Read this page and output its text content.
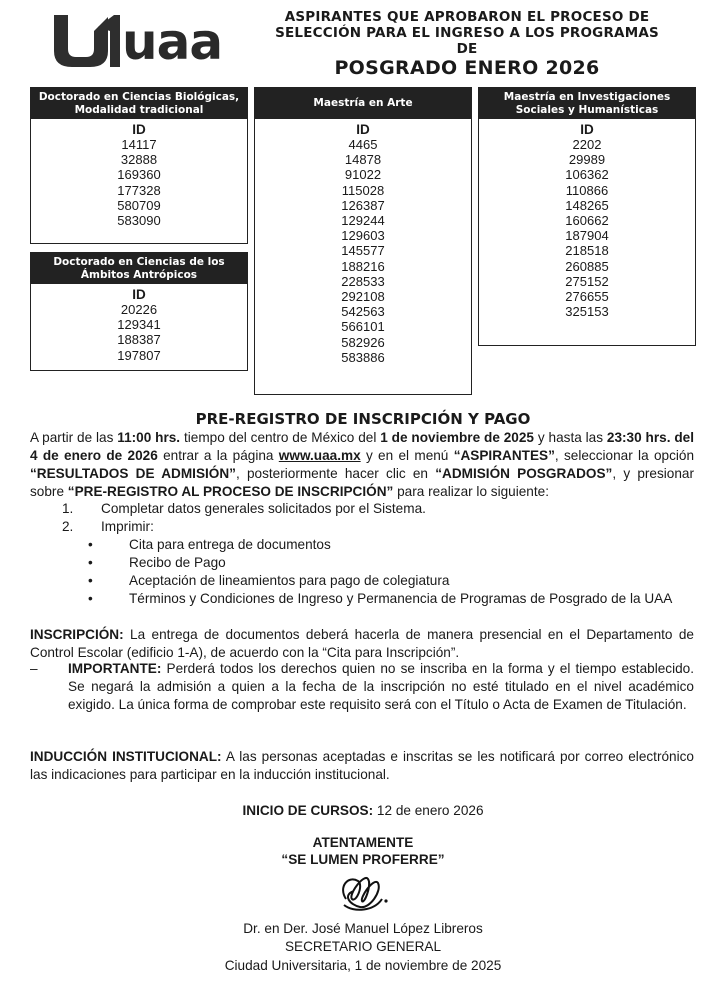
uaa	ASPIRANTES QUE APROBARON EL PROCESO DE
SELECCIÓN PARA EL INGRESO A LOS PROGRAMAS DE
POSGRADO ENERO 2026
Doctorado en Ciencias Biológicas,
Modalidad tradicional
ID
14117
32888
169360
177328
580709
583090
Doctorado en Ciencias de los
Ámbitos Antrópicos
ID
20226
129341
188387
197807
Maestría en Arte
ID
4465
14878
91022
115028
126387
129244
129603
145577
188216
228533
292108
542563
566101
582926
583886
Maestría en Investigaciones
Sociales y Humanísticas
ID
2202
29989
106362
110866
148265
160662
187904
218518
260885
275152
276655
325153
PRE-REGISTRO DE INSCRIPCIÓN Y PAGO
A partir de las 11:00 hrs. tiempo del centro de México del 1 de noviembre de 2025 y hasta las 23:30 hrs. del 4 de enero de 2026 entrar a la página www.uaa.mx y en el menú “ASPIRANTES”, seleccionar la opción “RESULTADOS DE ADMISIÓN”, posteriormente hacer clic en “ADMISIÓN POSGRADOS”, y presionar sobre “PRE-REGISTRO AL PROCESO DE INSCRIPCIÓN” para realizar lo siguiente:
1. Completar datos generales solicitados por el Sistema.
2. Imprimir:
•	Cita para entrega de documentos
•	Recibo de Pago
•	Aceptación de lineamientos para pago de colegiatura
•	Términos y Condiciones de Ingreso y Permanencia de Programas de Posgrado de la UAA
INSCRIPCIÓN: La entrega de documentos deberá hacerla de manera presencial en el Departamento de Control Escolar (edificio 1-A), de acuerdo con la “Cita para Inscripción”.
– IMPORTANTE: Perderá todos los derechos quien no se inscriba en la forma y el tiempo establecido. Se negará la admisión a quien a la fecha de la inscripción no esté titulado en el nivel académico exigido. La única forma de comprobar este requisito será con el Título o Acta de Examen de Titulación.
INDUCCIÓN INSTITUCIONAL: A las personas aceptadas e inscritas se les notificará por correo electrónico las indicaciones para participar en la inducción institucional.
INICIO DE CURSOS: 12 de enero 2026
ATENTAMENTE
“SE LUMEN PROFERRE”
Dr. en Der. José Manuel López Libreros
SECRETARIO GENERAL
Ciudad Universitaria, 1 de noviembre de 2025
